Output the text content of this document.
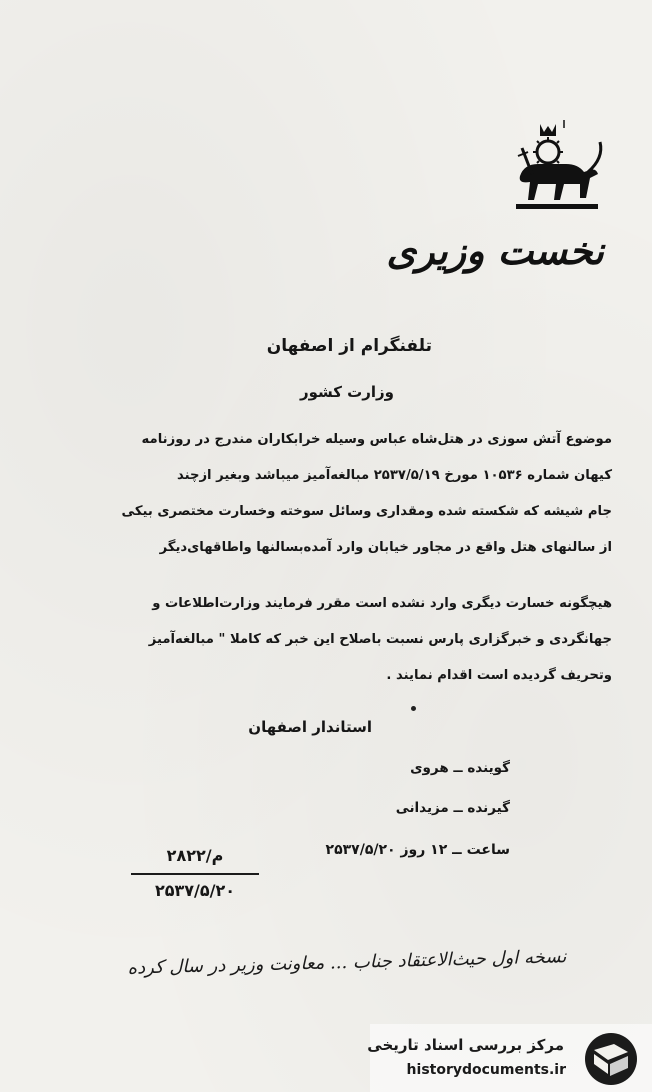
نخست وزیری
تلفنگرام از اصفهان
وزارت کشور
موضوع آتش سوزی در هتل‌شاه عباس وسیله خرابکاران مندرج در روزنامه
کیهان شماره ۱۰۵۳۶ مورخ ۲۵۳۷/۵/۱۹ مبالغه‌آمیز میباشد وبغیر ازچند
جام شیشه که شکسته شده ومقداری وسائل سوخته وخسارت مختصری بیکی
از سالنهای هتل واقع در مجاور خیابان وارد آمده‌بسالنها واطاقهای‌دیگر
هیچگونه خسارت دیگری وارد نشده است مقرر فرمایند وزارت‌اطلاعات و
جهانگردی و خبرگزاری پارس نسبت باصلاح این خبر که کاملا " مبالغه‌آمیز
وتحریف گردیده است اقدام نمایند .
استاندار اصفهان
گوینده ــ هروی
گیرنده ــ مزیدانی
ساعت ــ ۱۲ روز ۲۵۳۷/۵/۲۰
م/۲۸۲۲
۲۵۳۷/۵/۲۰
نسخه اول حیث‌الاعتقاد جناب ... معاونت وزیر در سال کرده
مرکز بررسی اسناد تاریخی
historydocuments.ir
